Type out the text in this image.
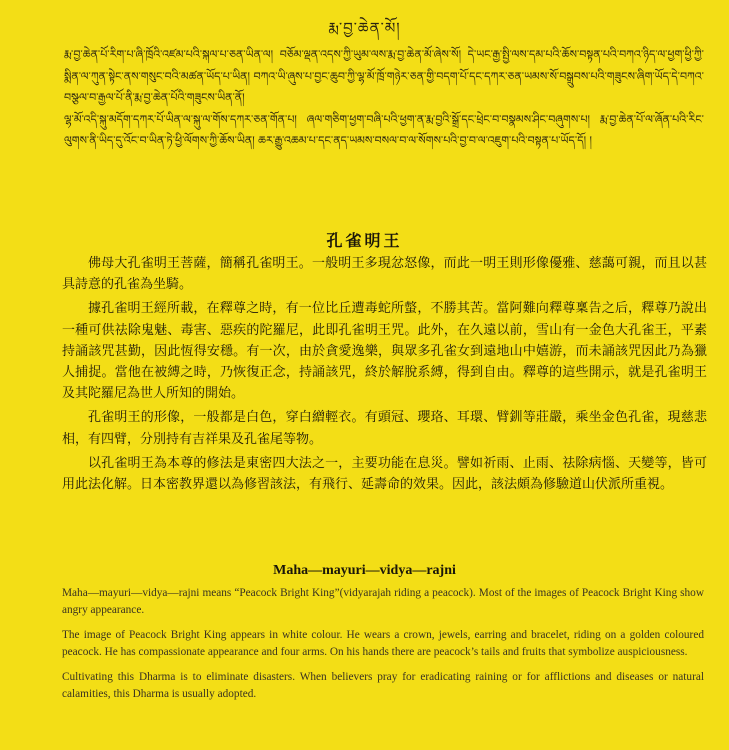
རྨ་བྱ་ཆེན་མོ།

རྨ་བྱ་ཆེན་པོ་རིག་པ་ཞི་ཁྲོའི་འཛམ་པའི་སྐལ་པ་ཅན་ཡིན་ལ། བཅོམ་ལྡན་འདས་ཀྱི་ཡུམ་ལས་རྨ་བྱ་ཆེན་མོ་ཞེས་སོ། དེ་ཡང་རྒྱ་སྤྱི་ལས་དམ་པའི་ཆོས་བསྟན་པའི་བཀའ་ཉིད་ལ་ཕྱག་ཕྱི་ཀྱི་སྨིན་ལ་ཀུན་སྟེང་ནས་གསུང་བའི་མཚན་ཡོད་པ་ཡིན། བཀའ་ཡི་ཞུས་པ་བྱང་ཆུབ་ཀྱི་ལྷ་མོ་ཁྲོ་གཉེར་ཅན་གྱི་བདག་པོ་དང་དཀར་ཅན་ཡམས་སོ་བསྒྲུབས་པའི་གཟུངས་ཞིག་ཡོད་དེ་བཀའ་བསྩལ་བ་རྒྱལ་པོ་ནི་རྨ་བྱ་ཆེན་པོའི་གཟུངས་ཡིན་ནོ།

ལྷ་མོ་འདི་སྐུ་མདོག་དཀར་པོ་ཡིན་ལ་སྐུ་ལ་གོས་དཀར་ཅན་གོན་པ། ཞལ་གཅིག་ཕྱག་བཞི་པའི་ཕྱག་ན་རྨ་བྱའི་སྒྲོ་དང་ཕྲེང་བ་བསྣམས་ཤིང་བཞུགས་པ། རྨ་བྱ་ཆེན་པོ་ལ་ཞོན་པའི་རིང་ལུགས་ནི་ཡིད་དུ་འོང་བ་ཡིན་ཏེ་ཕྱི་ལོགས་ཀྱི་ཆོས་ཡིན། ཆར་རྒྱུ་འཆམ་པ་དང་ནད་ཡམས་བསལ་བ་ལ་སོགས་པའི་བྱ་བ་ལ་འཇུག་པའི་བསྟན་པ་ཡོད་དོ། །

孔雀明王

佛母大孔雀明王菩薩，簡稱孔雀明王。一般明王多現忿怒像，而此一明王則形像優雅、慈藹可親，而且以甚具詩意的孔雀為坐騎。

據孔雀明王經所載，在釋尊之時，有一位比丘遭毒蛇所螫，不勝其苦。當阿難向釋尊稟告之后，釋尊乃說出一種可供祛除鬼魅、毒害、惡疾的陀羅尼，此即孔雀明王咒。此外，在久遠以前，雪山有一金色大孔雀王，平素持誦該咒甚勤，因此恆得安穩。有一次，由於貪愛逸樂，與眾多孔雀女到遠地山中嬉游，而未誦該咒因此乃為獵人捕捉。當他在被縛之時，乃恢復正念，持誦該咒，終於解脫系縛，得到自由。釋尊的這些開示，就是孔雀明王及其陀羅尼為世人所知的開始。

孔雀明王的形像，一般都是白色，穿白繒輕衣。有頭冠、瓔珞、耳環、臂釧等莊嚴，乘坐金色孔雀，現慈悲相，有四臂，分別持有吉祥果及孔雀尾等物。

以孔雀明王為本尊的修法是東密四大法之一，主要功能在息災。譬如祈雨、止雨、祛除病惱、天變等，皆可用此法化解。日本密教界還以為修習該法，有飛行、延壽命的效果。因此，該法頗為修驗道山伏派所重視。

Maha—mayuri—vidya—rajni

Maha—mayuri—vidya—rajni means “Peacock Bright King”(vidyarajah riding a peacock). Most of the images of Peacock Bright King show angry appearance.

The image of Peacock Bright King appears in white colour. He wears a crown, jewels, earring and bracelet, riding on a golden coloured peacock. He has compassionate appearance and four arms. On his hands there are peacock’s tails and fruits that symbolize auspiciousness.

Cultivating this Dharma is to eliminate disasters. When believers pray for eradicating raining or for afflictions and diseases or natural calamities, this Dharma is usually adopted.
